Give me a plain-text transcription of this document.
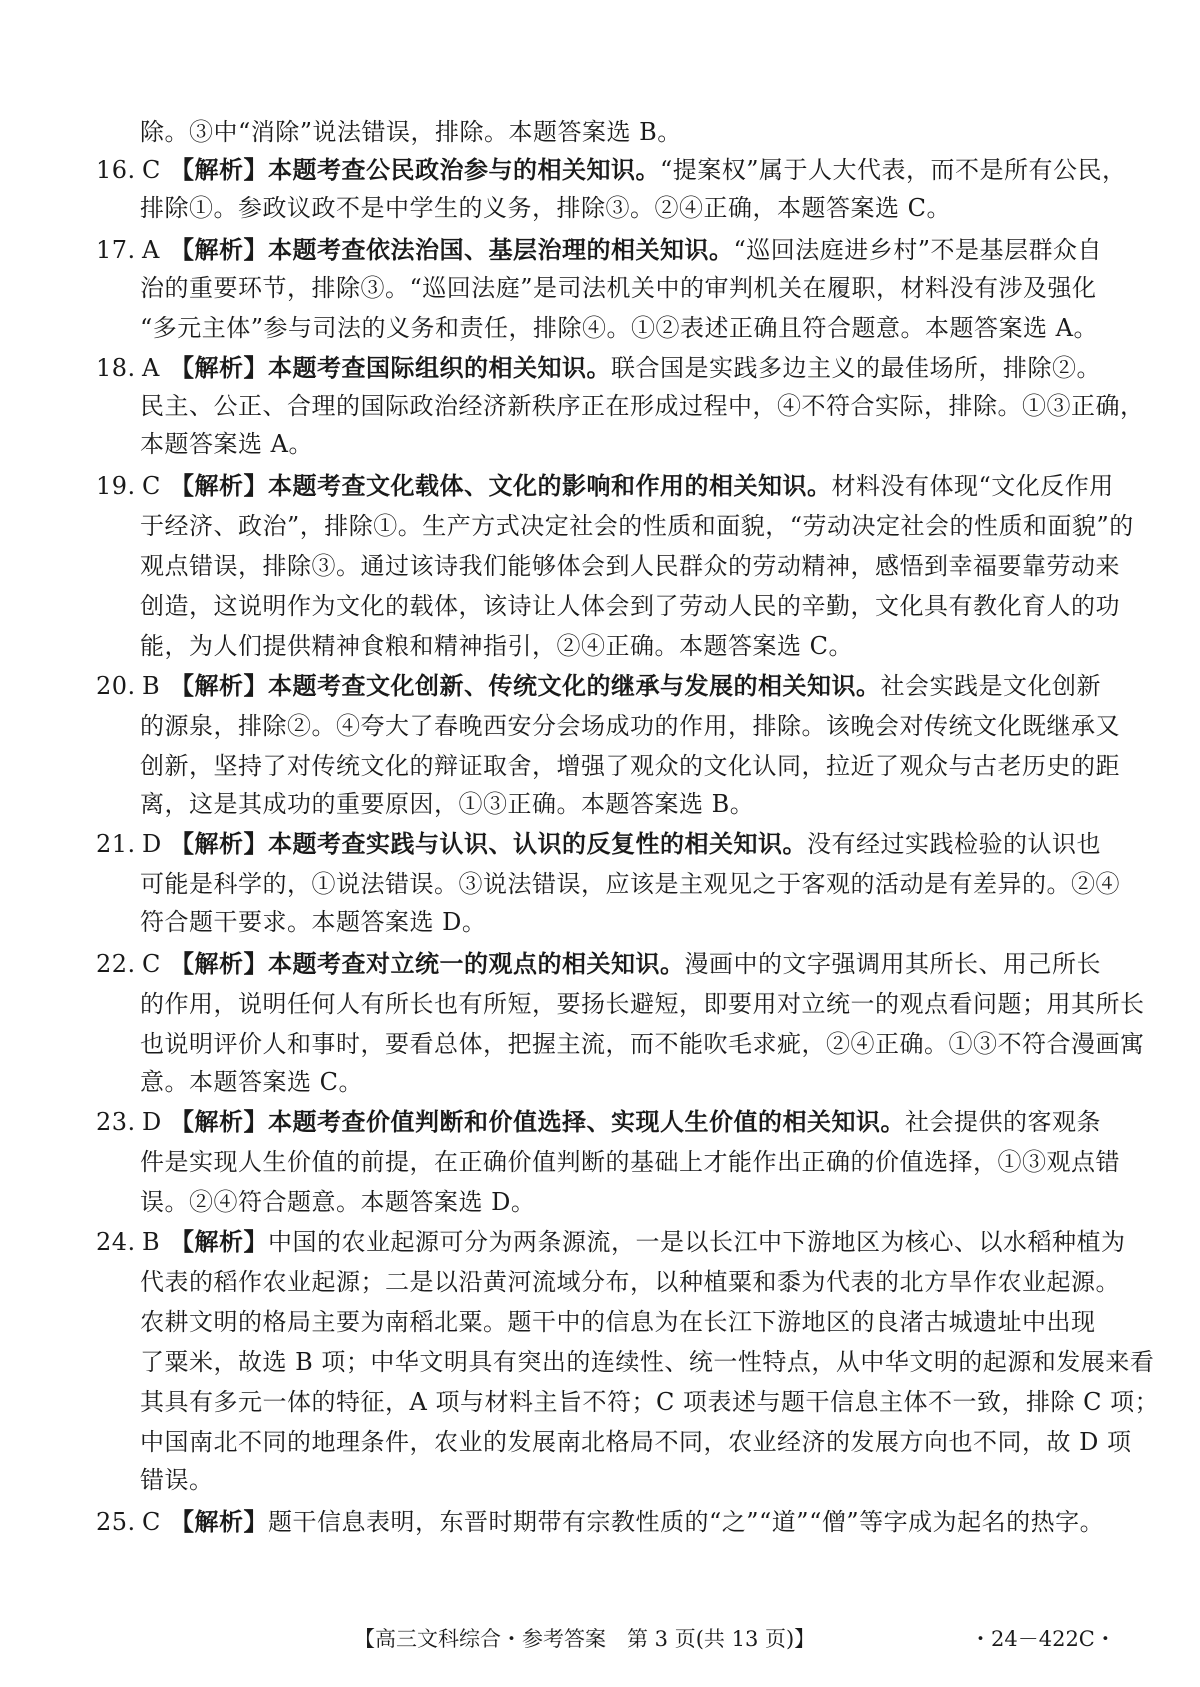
除。③中“消除”说法错误，排除。本题答案选 B。
16. C 【解析】本题考查公民政治参与的相关知识。“提案权”属于人大代表，而不是所有公民，
排除①。参政议政不是中学生的义务，排除③。②④正确，本题答案选 C。
17. A 【解析】本题考查依法治国、基层治理的相关知识。“巡回法庭进乡村”不是基层群众自
治的重要环节，排除③。“巡回法庭”是司法机关中的审判机关在履职，材料没有涉及强化
“多元主体”参与司法的义务和责任，排除④。①②表述正确且符合题意。本题答案选 A。
18. A 【解析】本题考查国际组织的相关知识。联合国是实践多边主义的最佳场所，排除②。
民主、公正、合理的国际政治经济新秩序正在形成过程中，④不符合实际，排除。①③正确，
本题答案选 A。
19. C 【解析】本题考查文化载体、文化的影响和作用的相关知识。材料没有体现“文化反作用
于经济、政治”，排除①。生产方式决定社会的性质和面貌，“劳动决定社会的性质和面貌”的
观点错误，排除③。通过该诗我们能够体会到人民群众的劳动精神，感悟到幸福要靠劳动来
创造，这说明作为文化的载体，该诗让人体会到了劳动人民的辛勤，文化具有教化育人的功
能，为人们提供精神食粮和精神指引，②④正确。本题答案选 C。
20. B 【解析】本题考查文化创新、传统文化的继承与发展的相关知识。社会实践是文化创新
的源泉，排除②。④夸大了春晚西安分会场成功的作用，排除。该晚会对传统文化既继承又
创新，坚持了对传统文化的辩证取舍，增强了观众的文化认同，拉近了观众与古老历史的距
离，这是其成功的重要原因，①③正确。本题答案选 B。
21. D 【解析】本题考查实践与认识、认识的反复性的相关知识。没有经过实践检验的认识也
可能是科学的，①说法错误。③说法错误，应该是主观见之于客观的活动是有差异的。②④
符合题干要求。本题答案选 D。
22. C 【解析】本题考查对立统一的观点的相关知识。漫画中的文字强调用其所长、用己所长
的作用，说明任何人有所长也有所短，要扬长避短，即要用对立统一的观点看问题；用其所长
也说明评价人和事时，要看总体，把握主流，而不能吹毛求疵，②④正确。①③不符合漫画寓
意。本题答案选 C。
23. D 【解析】本题考查价值判断和价值选择、实现人生价值的相关知识。社会提供的客观条
件是实现人生价值的前提，在正确价值判断的基础上才能作出正确的价值选择，①③观点错
误。②④符合题意。本题答案选 D。
24. B 【解析】中国的农业起源可分为两条源流，一是以长江中下游地区为核心、以水稻种植为
代表的稻作农业起源；二是以沿黄河流域分布，以种植粟和黍为代表的北方旱作农业起源。
农耕文明的格局主要为南稻北粟。题干中的信息为在长江下游地区的良渚古城遗址中出现
了粟米，故选 B 项；中华文明具有突出的连续性、统一性特点，从中华文明的起源和发展来看
其具有多元一体的特征，A 项与材料主旨不符；C 项表述与题干信息主体不一致，排除 C 项；
中国南北不同的地理条件，农业的发展南北格局不同，农业经济的发展方向也不同，故 D 项
错误。
25. C 【解析】题干信息表明，东晋时期带有宗教性质的“之”“道”“僧”等字成为起名的热字。
【高三文科综合・参考答案　第 3 页(共 13 页)】	・24－422C・
